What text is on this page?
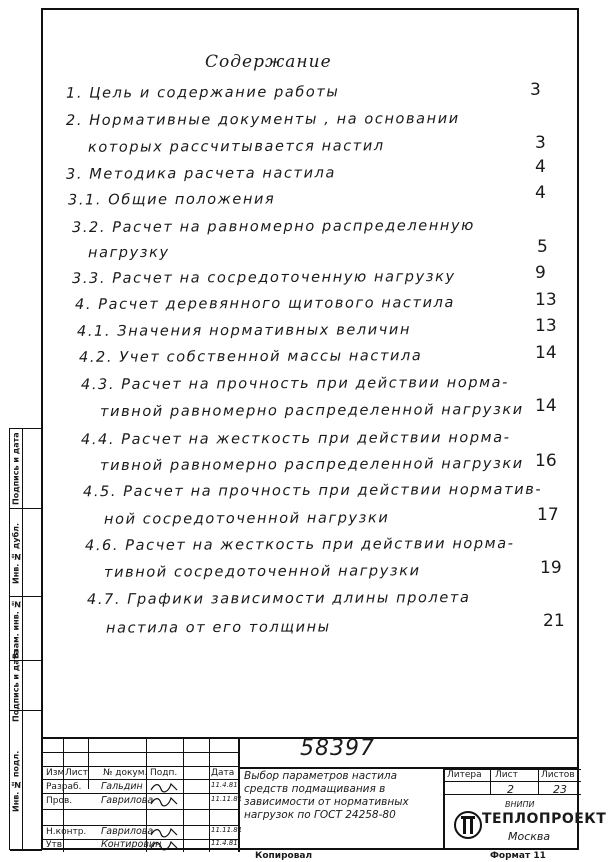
Содержание
1. Цель и содержание работы	3
2. Нормативные документы , на основании
которых рассчитывается настил	3
3. Методика расчета настила	4
3.1. Общие положения	4
3.2. Расчет на равномерно распределенную
нагрузку	5
3.3. Расчет на сосредоточенную нагрузку	9
4. Расчет деревянного щитового настила	13
4.1. Значения нормативных величин	13
4.2. Учет собственной массы настила	14
4.3. Расчет на прочность при действии норма-
тивной равномерно распределенной нагрузки 14
4.4. Расчет на жесткость при действии норма-
тивной равномерно распределенной нагрузки 16
4.5. Расчет на прочность при действии норматив-
ной сосредоточенной нагрузки	17
4.6. Расчет на жесткость при действии норма-
тивной сосредоточенной нагрузки	19
4.7. Графики зависимости длины пролета
настила от его толщины	21
Подпись и дата
Инв. № дубл.
Взам. инв. №
Подпись и дата
Инв. № подл.	Изм Лист № докум. Подп.	Дата
Разраб. Гальдин	11.4.81
Пров.	Гаврилова	11.11.81
Н.контр. Гаврилова	11.11.81
Утв.	Контировин	11.4.81
58397
Выбор параметров настила средств подмащивания в зависимости от нормативных нагрузок по ГОСТ 24258-80
Литера Лист	Листов
2	23
ВНИПИ
ТЕПЛОПРОЕКТ
Москва
Копировал	Формат 11
